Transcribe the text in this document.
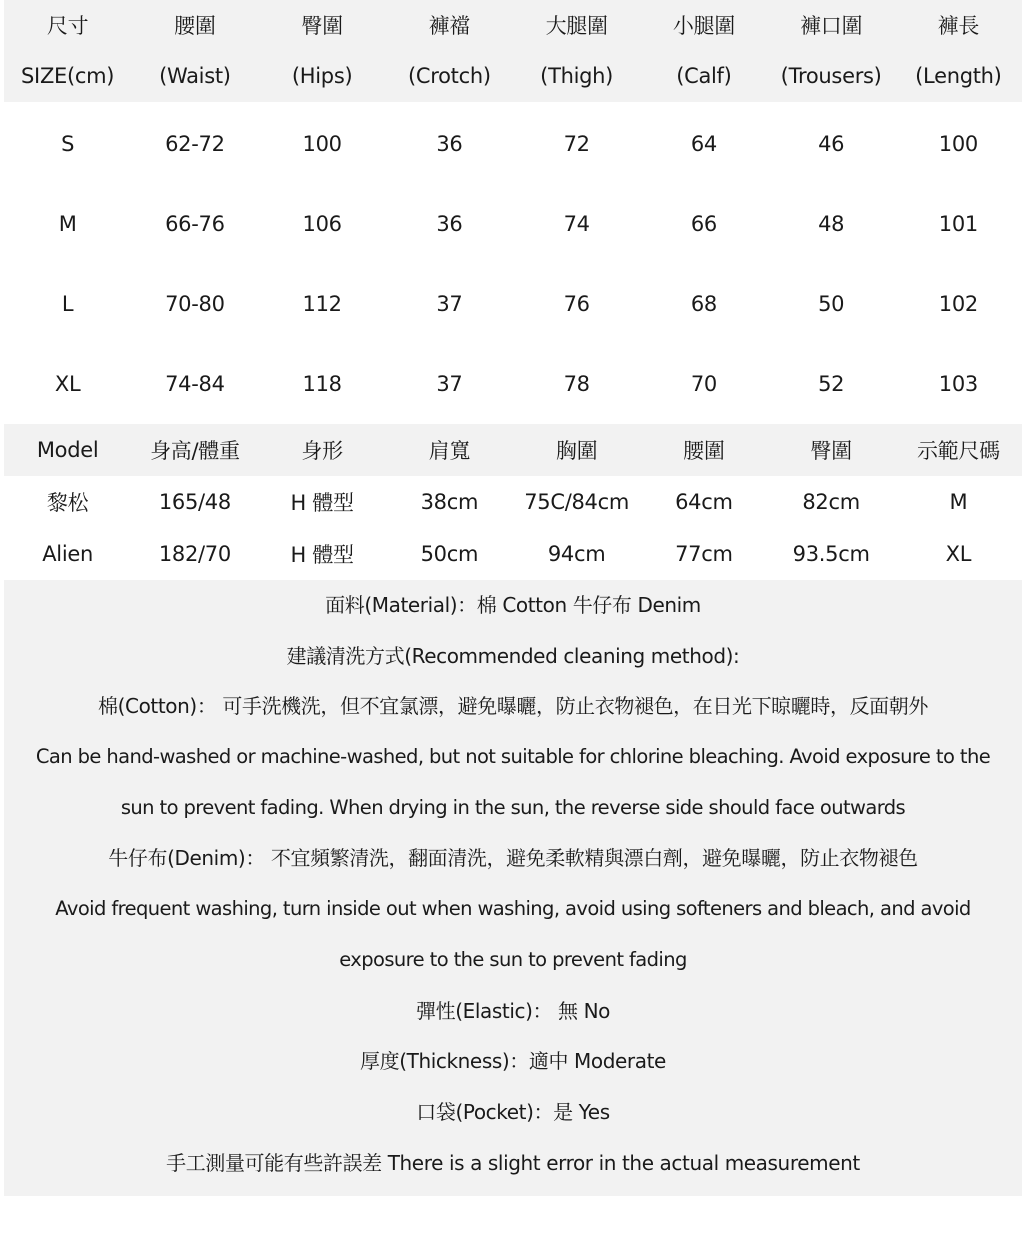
尺寸	腰圍	臀圍	褲襠	大腿圍	小腿圍	褲口圍	褲長
SIZE(cm)	(Waist)	(Hips)	(Crotch)	(Thigh)	(Calf)	(Trousers)	(Length)
S	62-72	100	36	72	64	46	100
M	66-76	106	36	74	66	48	101
L	70-80	112	37	76	68	50	102
XL	74-84	118	37	78	70	52	103
Model	身高/體重	身形	肩寬	胸圍	腰圍	臀圍	示範尺碼
黎松	165/48	H 體型	38cm	75C/84cm	64cm	82cm	M
Alien	182/70	H 體型	50cm	94cm	77cm	93.5cm	XL
面料(Material)：棉 Cotton 牛仔布 Denim
建議清洗方式(Recommended cleaning method):
棉(Cotton)： 可手洗機洗，但不宜氯漂，避免曝曬，防止衣物褪色，在日光下晾曬時，反面朝外
Can be hand-washed or machine-washed, but not suitable for chlorine bleaching. Avoid exposure to the
sun to prevent fading. When drying in the sun, the reverse side should face outwards
牛仔布(Denim)： 不宜頻繁清洗，翻面清洗，避免柔軟精與漂白劑，避免曝曬，防止衣物褪色
Avoid frequent washing, turn inside out when washing, avoid using softeners and bleach, and avoid
exposure to the sun to prevent fading
彈性(Elastic)： 無 No
厚度(Thickness)：適中 Moderate
口袋(Pocket)：是 Yes
手工測量可能有些許誤差 There is a slight error in the actual measurement
